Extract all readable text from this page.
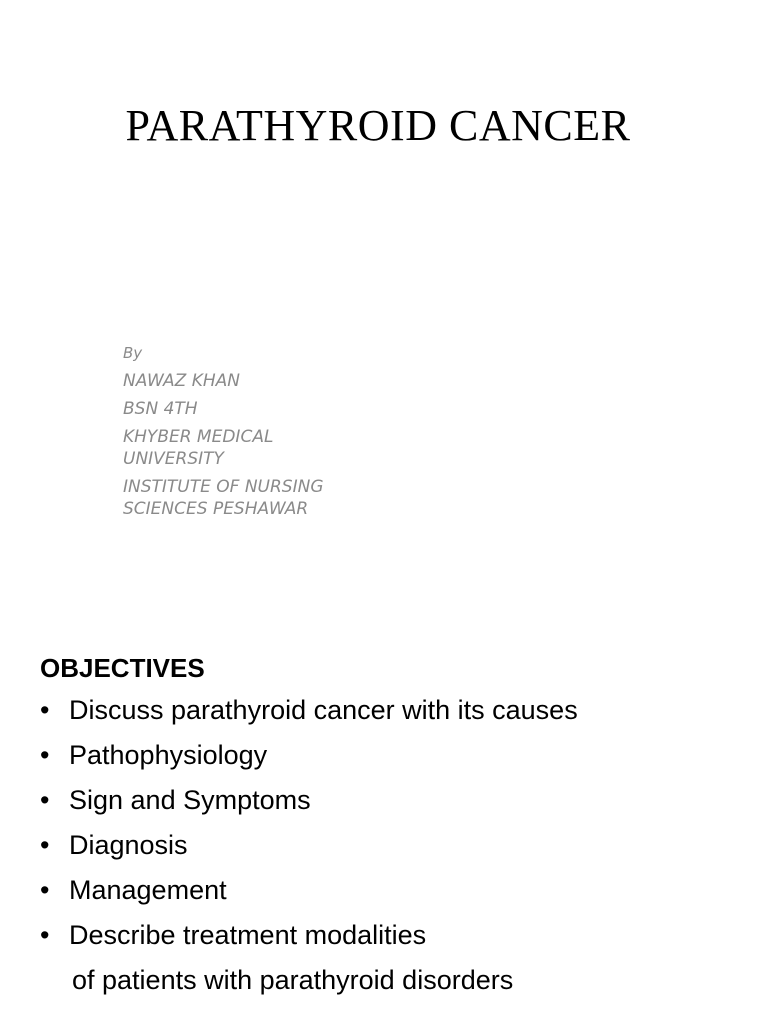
PARATHYROID CANCER
By
NAWAZ KHAN
BSN 4TH
KHYBER MEDICAL
UNIVERSITY
INSTITUTE OF NURSING
SCIENCES PESHAWAR

OBJECTIVES

• Discuss parathyroid cancer with its causes
• Pathophysiology
• Sign and Symptoms
• Diagnosis
• Management
• Describe treatment modalities
of patients with parathyroid disorders
